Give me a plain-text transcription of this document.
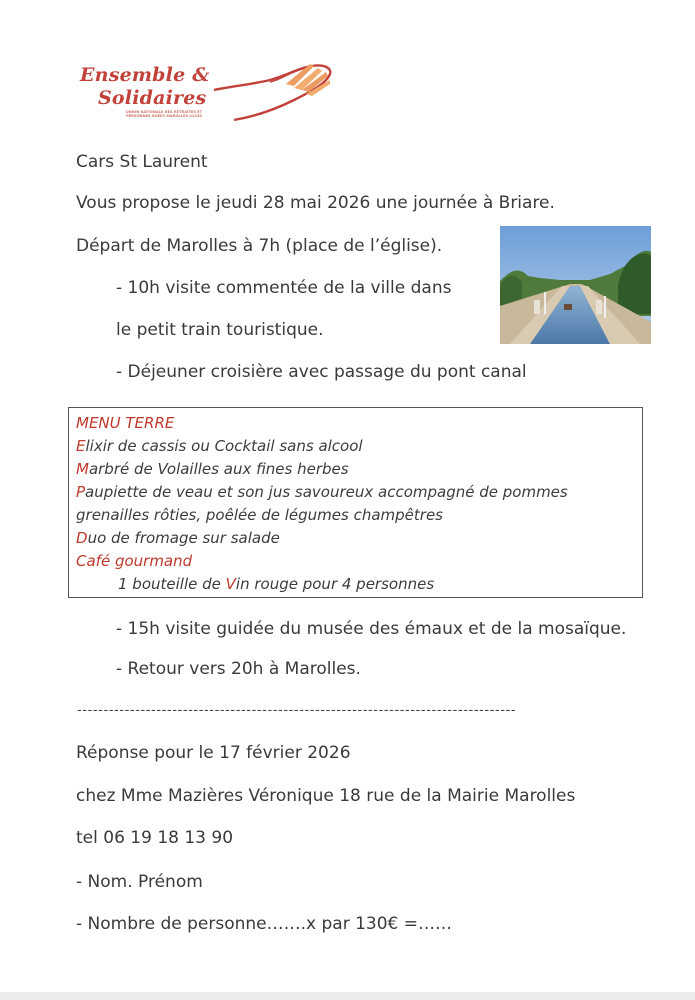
Ensemble &
Solidaires
UNION NATIONALE DES RETRAITES ET PERSONNES ÂGÉES MAROLLES 41330
Cars St Laurent
Vous propose le jeudi 28 mai 2026 une journée à Briare.
Départ de Marolles à 7h (place de l’église).
- 10h visite commentée de la ville dans
le petit train touristique.
- Déjeuner croisière avec passage du pont canal
MENU TERRE
Elixir de cassis ou Cocktail sans alcool
Marbré de Volailles aux fines herbes
Paupiette de veau et son jus savoureux accompagné de pommes
grenailles rôties, poêlée de légumes champêtres
Duo de fromage sur salade
Café gourmand
1 bouteille de Vin rouge pour 4 personnes
- 15h visite guidée du musée des émaux et de la mosaïque.
- Retour vers 20h à Marolles.
-----------------------------------------------------------------------------------
Réponse pour le 17 février 2026
chez Mme Mazières Véronique 18 rue de la Mairie Marolles
tel 06 19 18 13 90
- Nom. Prénom
- Nombre de personne…….x par 130€ =……
